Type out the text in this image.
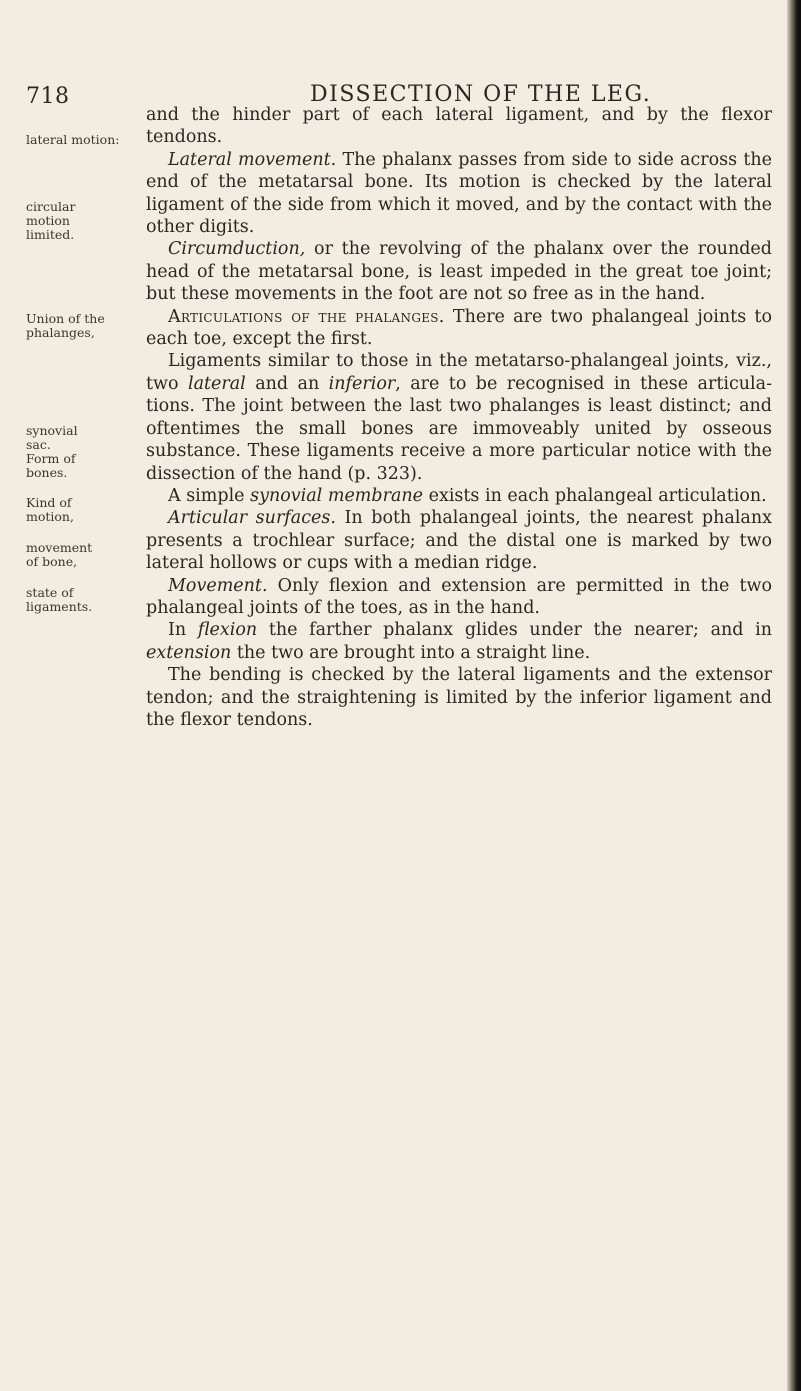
718	DISSECTION OF THE LEG.
lateral motion:
circular motion limited.
Union of the phalanges,
synovial sac.
Form of bones.
Kind of motion,
movement of bone,
state of ligaments.

and the hinder part of each lateral ligament, and by the flexor tendons.

Lateral movement. The phalanx passes from side to side across the end of the metatarsal bone. Its motion is checked by the lateral ligament of the side from which it moved, and by the contact with the other digits.

Circumduction, or the revolving of the phalanx over the rounded head of the metatarsal bone, is least impeded in the great toe joint; but these movements in the foot are not so free as in the hand.

Articulations of the phalanges. There are two phalangeal joints to each toe, except the first.

Ligaments similar to those in the metatarso-phalangeal joints, viz., two lateral and an inferior, are to be recognised in these articula-tions. The joint between the last two phalanges is least distinct; and oftentimes the small bones are immoveably united by osseous substance. These ligaments receive a more particular notice with the dissection of the hand (p. 323).

A simple synovial membrane exists in each phalangeal articulation.

Articular surfaces. In both phalangeal joints, the nearest phalanx presents a trochlear surface; and the distal one is marked by two lateral hollows or cups with a median ridge.

Movement. Only flexion and extension are permitted in the two phalangeal joints of the toes, as in the hand.

In flexion the farther phalanx glides under the nearer; and in extension the two are brought into a straight line.

The bending is checked by the lateral ligaments and the extensor tendon; and the straightening is limited by the inferior ligament and the flexor tendons.
